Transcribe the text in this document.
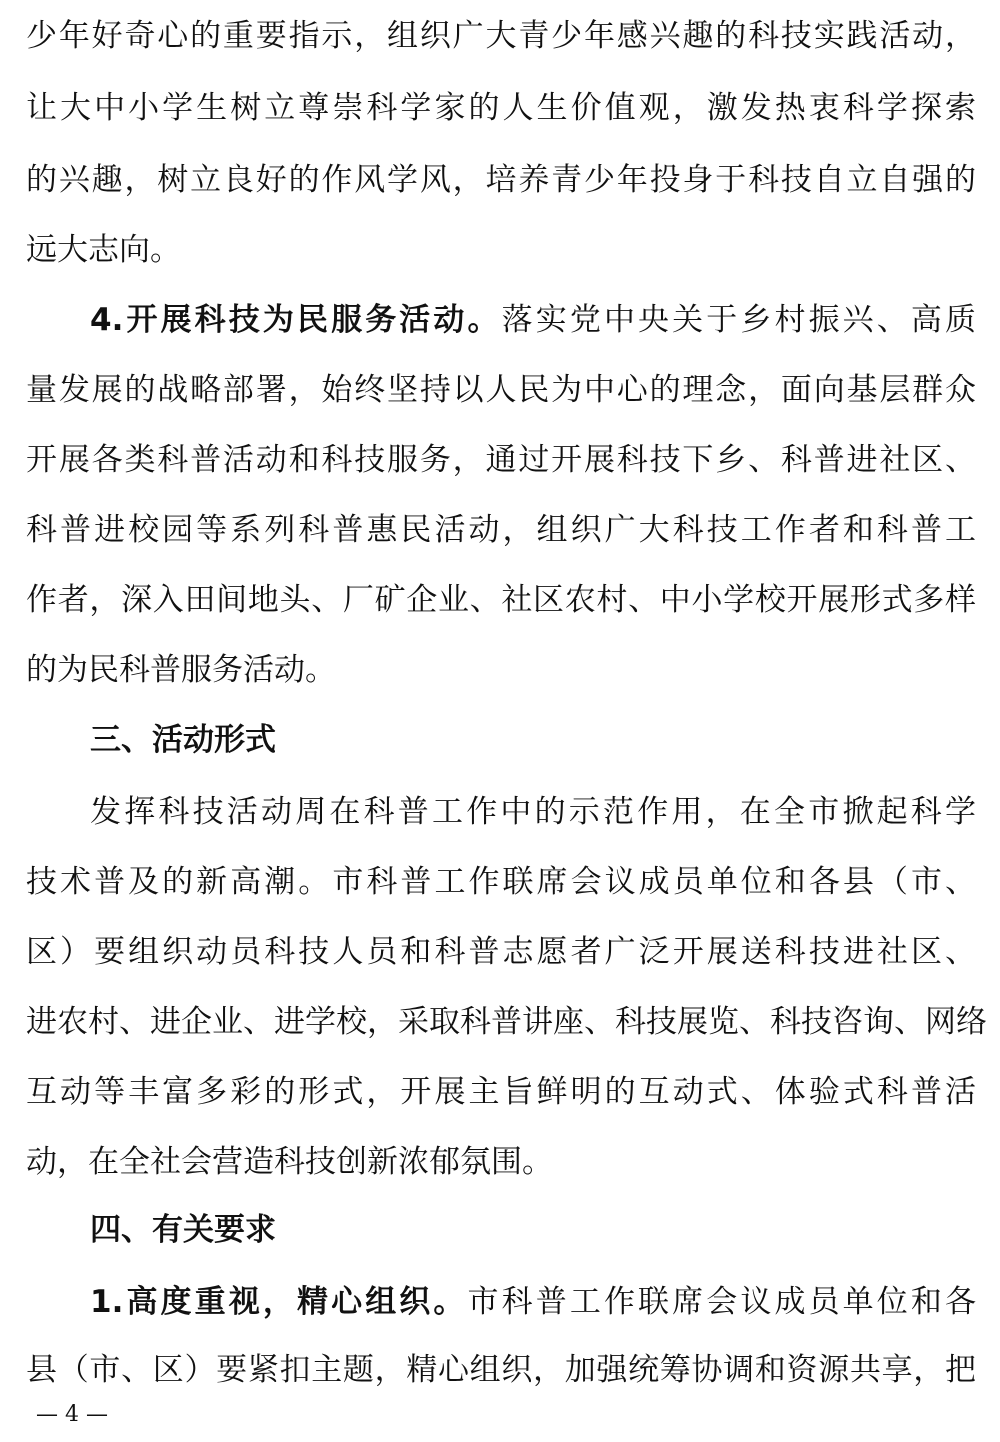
少年好奇心的重要指示，组织广大青少年感兴趣的科技实践活动，
让大中小学生树立尊崇科学家的人生价值观，激发热衷科学探索
的兴趣，树立良好的作风学风，培养青少年投身于科技自立自强的
远大志向。
4.开展科技为民服务活动。落实党中央关于乡村振兴、高质
量发展的战略部署，始终坚持以人民为中心的理念，面向基层群众
开展各类科普活动和科技服务，通过开展科技下乡、科普进社区、
科普进校园等系列科普惠民活动，组织广大科技工作者和科普工
作者，深入田间地头、厂矿企业、社区农村、中小学校开展形式多样
的为民科普服务活动。
三、活动形式
发挥科技活动周在科普工作中的示范作用，在全市掀起科学
技术普及的新高潮。市科普工作联席会议成员单位和各县（市、
区）要组织动员科技人员和科普志愿者广泛开展送科技进社区、
进农村、进企业、进学校，采取科普讲座、科技展览、科技咨询、网络
互动等丰富多彩的形式，开展主旨鲜明的互动式、体验式科普活
动，在全社会营造科技创新浓郁氛围。
四、有关要求
1.高度重视，精心组织。市科普工作联席会议成员单位和各
县（市、区）要紧扣主题，精心组织，加强统筹协调和资源共享，把
— 4 —
